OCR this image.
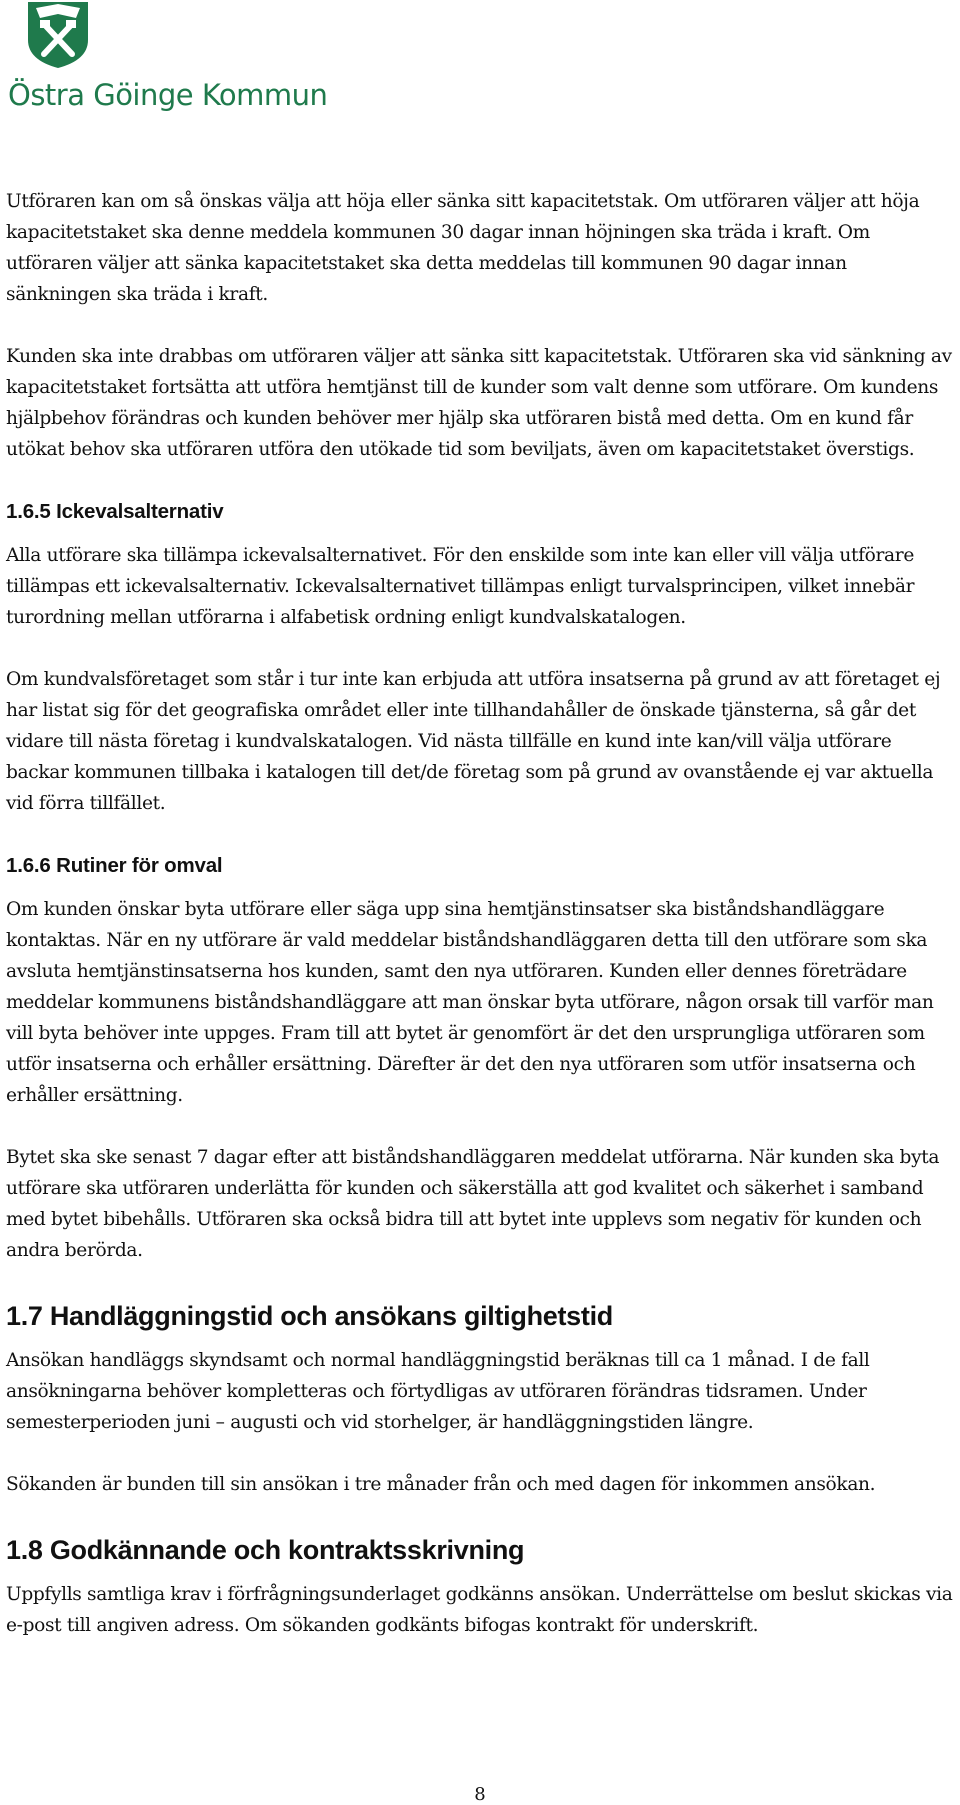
Östra Göinge Kommun

Utföraren kan om så önskas välja att höja eller sänka sitt kapacitetstak. Om utföraren väljer att höja kapacitetstaket ska denne meddela kommunen 30 dagar innan höjningen ska träda i kraft. Om utföraren väljer att sänka kapacitetstaket ska detta meddelas till kommunen 90 dagar innan sänkningen ska träda i kraft.

Kunden ska inte drabbas om utföraren väljer att sänka sitt kapacitetstak. Utföraren ska vid sänkning av kapacitetstaket fortsätta att utföra hemtjänst till de kunder som valt denne som utförare. Om kundens hjälpbehov förändras och kunden behöver mer hjälp ska utföraren bistå med detta. Om en kund får utökat behov ska utföraren utföra den utökade tid som beviljats, även om kapacitetstaket överstigs.

1.6.5 Ickevalsalternativ

Alla utförare ska tillämpa ickevalsalternativet. För den enskilde som inte kan eller vill välja utförare tillämpas ett ickevalsalternativ. Ickevalsalternativet tillämpas enligt turvalsprincipen, vilket innebär turordning mellan utförarna i alfabetisk ordning enligt kundvalskatalogen.

Om kundvalsföretaget som står i tur inte kan erbjuda att utföra insatserna på grund av att företaget ej har listat sig för det geografiska området eller inte tillhandahåller de önskade tjänsterna, så går det vidare till nästa företag i kundvalskatalogen. Vid nästa tillfälle en kund inte kan/vill välja utförare backar kommunen tillbaka i katalogen till det/de företag som på grund av ovanstående ej var aktuella vid förra tillfället.

1.6.6 Rutiner för omval

Om kunden önskar byta utförare eller säga upp sina hemtjänstinsatser ska biståndshandläggare kontaktas. När en ny utförare är vald meddelar biståndshandläggaren detta till den utförare som ska avsluta hemtjänstinsatserna hos kunden, samt den nya utföraren. Kunden eller dennes företrädare meddelar kommunens biståndshandläggare att man önskar byta utförare, någon orsak till varför man vill byta behöver inte uppges. Fram till att bytet är genomfört är det den ursprungliga utföraren som utför insatserna och erhåller ersättning. Därefter är det den nya utföraren som utför insatserna och erhåller ersättning.

Bytet ska ske senast 7 dagar efter att biståndshandläggaren meddelat utförarna. När kunden ska byta utförare ska utföraren underlätta för kunden och säkerställa att god kvalitet och säkerhet i samband med bytet bibehålls. Utföraren ska också bidra till att bytet inte upplevs som negativ för kunden och andra berörda.

1.7 Handläggningstid och ansökans giltighetstid

Ansökan handläggs skyndsamt och normal handläggningstid beräknas till ca 1 månad. I de fall ansökningarna behöver kompletteras och förtydligas av utföraren förändras tidsramen. Under semesterperioden juni – augusti och vid storhelger, är handläggningstiden längre.

Sökanden är bunden till sin ansökan i tre månader från och med dagen för inkommen ansökan.

1.8 Godkännande och kontraktsskrivning

Uppfylls samtliga krav i förfrågningsunderlaget godkänns ansökan. Underrättelse om beslut skickas via e-post till angiven adress. Om sökanden godkänts bifogas kontrakt för underskrift.

8
